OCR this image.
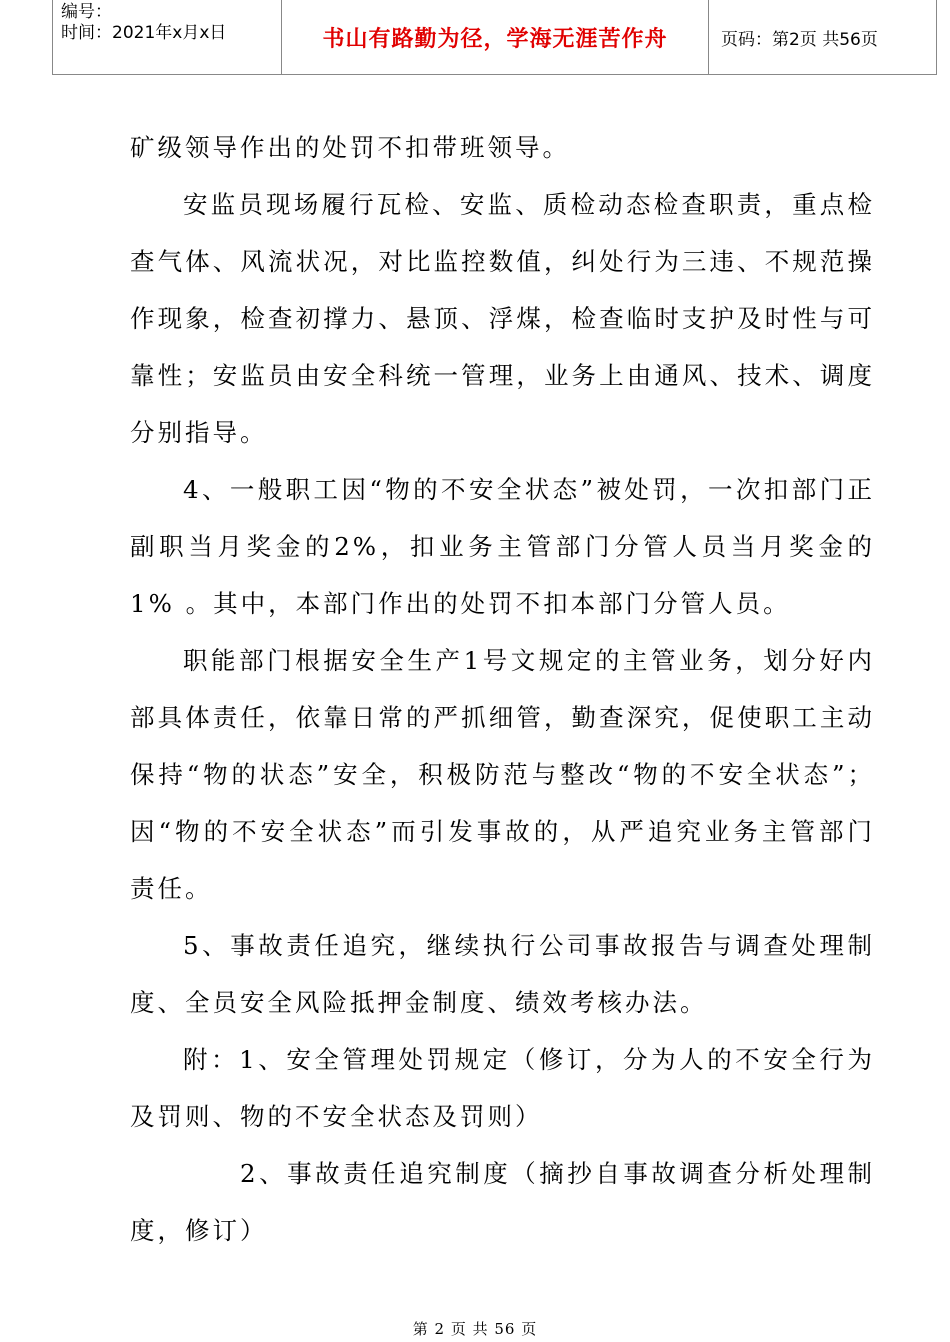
编号：
时间：2021年x月x日	书山有路勤为径，学海无涯苦作舟	页码：第2页 共56页

矿级领导作出的处罚不扣带班领导。

安监员现场履行瓦检、安监、质检动态检查职责，重点检查气体、风流状况，对比监控数值，纠处行为三违、不规范操作现象，检查初撑力、悬顶、浮煤，检查临时支护及时性与可靠性；安监员由安全科统一管理，业务上由通风、技术、调度分别指导。

4、一般职工因“物的不安全状态”被处罚，一次扣部门正副职当月奖金的2%，扣业务主管部门分管人员当月奖金的1% 。其中，本部门作出的处罚不扣本部门分管人员。

职能部门根据安全生产1号文规定的主管业务，划分好内部具体责任，依靠日常的严抓细管，勤查深究，促使职工主动保持“物的状态”安全，积极防范与整改“物的不安全状态”；因“物的不安全状态”而引发事故的，从严追究业务主管部门责任。

5、事故责任追究，继续执行公司事故报告与调查处理制度、全员安全风险抵押金制度、绩效考核办法。

附：1、安全管理处罚规定（修订，分为人的不安全行为及罚则、物的不安全状态及罚则）

2、事故责任追究制度（摘抄自事故调查分析处理制度，修订）

第 2 页 共 56 页
